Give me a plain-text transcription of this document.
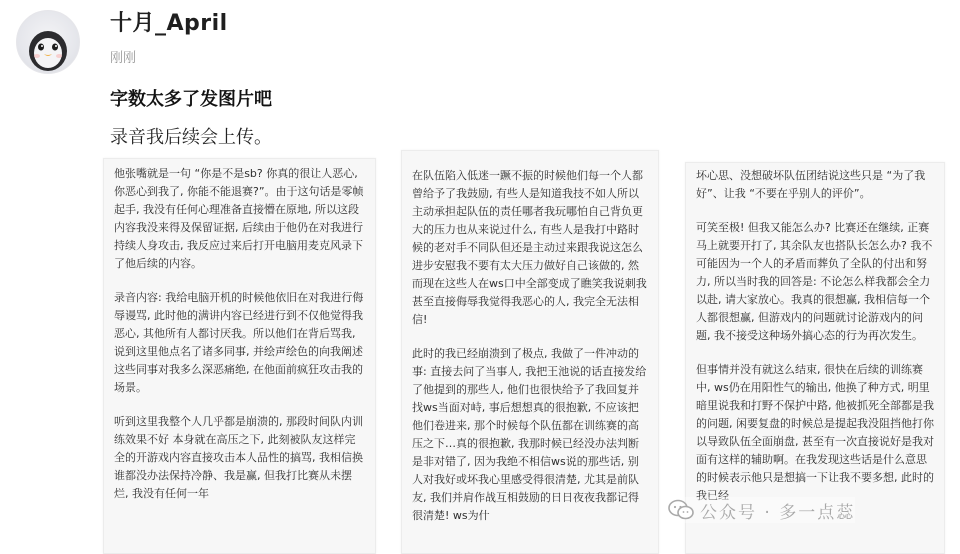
十月_April
刚刚
字数太多了发图片吧
录音我后续会上传。

他张嘴就是一句 “你是不是sb? 你真的很让人恶心, 你恶心到我了, 你能不能退赛?”。由于这句话是零帧起手, 我没有任何心理准备直接懵在原地, 所以这段内容我没来得及保留证据, 后续由于他仍在对我进行持续人身攻击, 我反应过来后打开电脑用麦克风录下了他后续的内容。

录音内容: 我给电脑开机的时候他依旧在对我进行侮辱谩骂, 此时他的满讲内容已经进行到不仅他觉得我恶心, 其他所有人都讨厌我。所以他们在背后骂我, 说到这里他点名了诸多同事, 并绘声绘色的向我阐述这些同事对我多么深恶痛绝, 在他面前疯狂攻击我的场景。

听到这里我整个人几乎都是崩溃的, 那段时间队内训练效果不好 本身就在高压之下, 此刻被队友这样完全的开游戏内容直接攻击本人品性的搞骂, 我相信换谁都没办法保持冷静、我是赢, 但我打比赛从未摆烂, 我没有任何一年

在队伍陷入低迷一蹶不振的时候他们每一个人都曾给予了我鼓励, 有些人是知道我技不如人所以主动承担起队伍的责任哪者我玩哪怕自己背负更大的压力也从来说过什么, 有些人是我打中路时候的老对手不同队但还是主动过来跟我说这怎么进步安慰我不要有太大压力做好自己该做的, 然而现在这些人在ws口中全部变成了瞧笑我说刺我甚至直接侮辱我觉得我恶心的人, 我完全无法相信!

此时的我已经崩溃到了极点, 我做了一件冲动的事: 直接去问了当事人, 我把王池说的话直接发给了他提到的那些人, 他们也很快给予了我回复并找ws当面对峙, 事后想想真的很抱歉, 不应该把他们卷进来, 那个时候每个队伍都在训练赛的高压之下…真的很抱歉, 我那时候已经没办法判断是非对错了, 因为我绝不相信ws说的那些话, 别人对我好或坏我心里感受得很清楚, 尤其是前队友, 我们并肩作战互相鼓励的日日夜夜我都记得很清楚! ws为什

坏心思、没想破坏队伍团结说这些只是 “为了我好”、让我 “不要在乎别人的评价”。

可笑至极! 但我又能怎么办? 比赛还在继续, 正赛马上就要开打了, 其余队友也搭队长怎么办? 我不可能因为一个人的矛盾而葬负了全队的付出和努力, 所以当时我的回答是: 不论怎么样我都会全力以赴, 请大家放心。我真的很想赢, 我相信每一个人都很想赢, 但游戏内的问题就讨论游戏内的问题, 我不接受这种场外搞心态的行为再次发生。

但事情并没有就这么结束, 很快在后续的训练赛中, ws仍在用阳性气的输出, 他换了种方式, 明里暗里说我和打野不保护中路, 他被抓死全部都是我的问题, 闲要复盘的时候总是提起我没阻挡他打你以导致队伍全面崩盘, 甚至有一次直接说好是我对面有这样的辅助啊。在我发现这些话是什么意思的时候表示他只是想搞一下让我不要多想, 此时的我已经

公众号 · 多一点蕊
